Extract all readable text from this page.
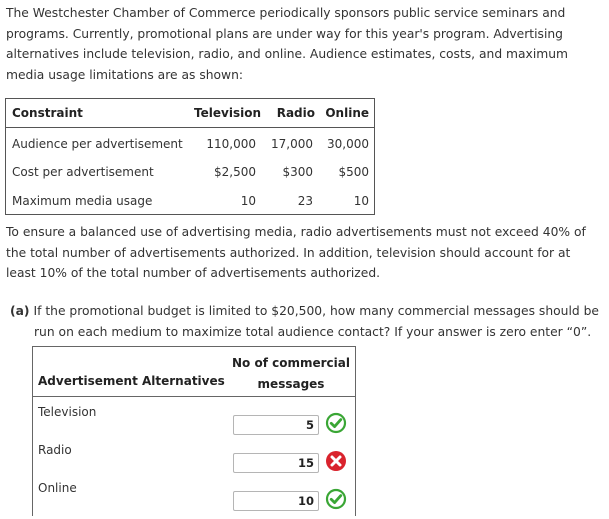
The Westchester Chamber of Commerce periodically sponsors public service seminars and programs. Currently, promotional plans are under way for this year's program. Advertising alternatives include television, radio, and online. Audience estimates, costs, and maximum media usage limitations are as shown:

Constraint	Television Radio Online
Audience per advertisement 110,000 17,000 30,000
Cost per advertisement	$2,500 $300 $500
Maximum media usage	10	23	10

To ensure a balanced use of advertising media, radio advertisements must not exceed 40% of the total number of advertisements authorized. In addition, television should account for at least 10% of the total number of advertisements authorized.

(a) If the promotional budget is limited to $20,500, how many commercial messages should be
run on each medium to maximize total audience contact? If your answer is zero enter “0”.
Advertisement Alternatives
No of commercial
messages
Television
5
Radio
15
Online
10
